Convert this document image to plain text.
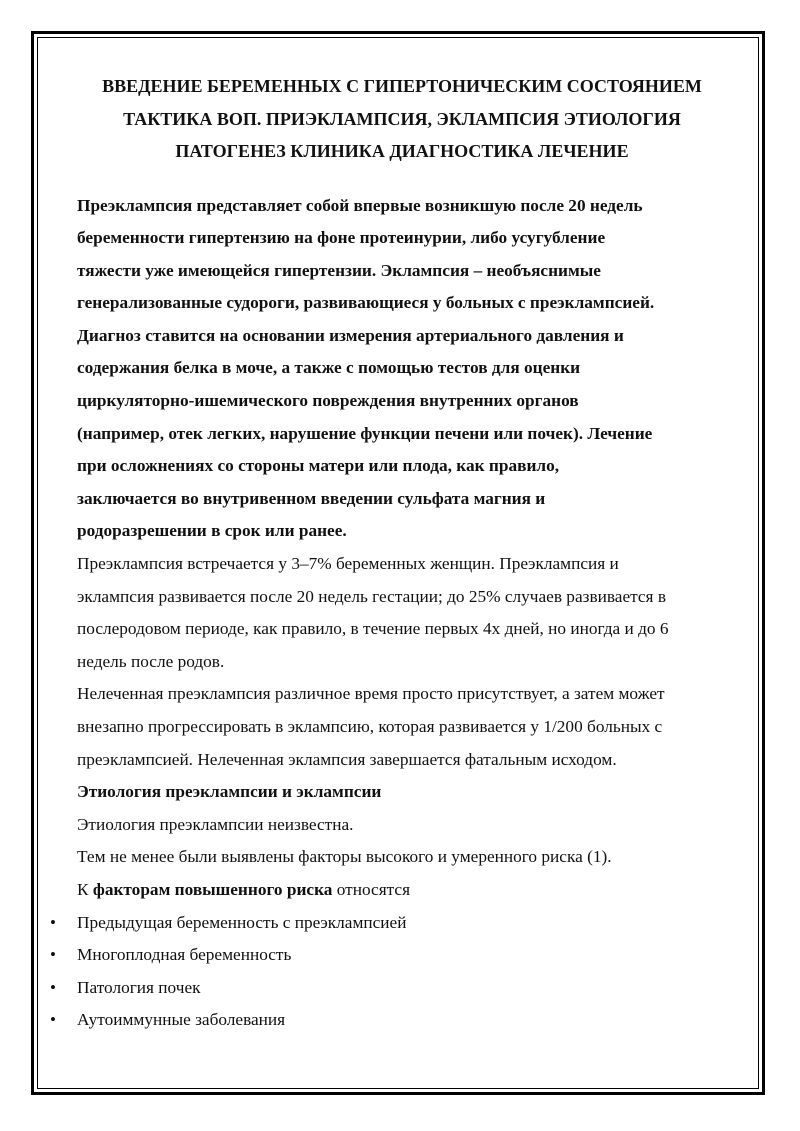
ВВЕДЕНИЕ БЕРЕМЕННЫХ С ГИПЕРТОНИЧЕСКИМ СОСТОЯНИЕМ
ТАКТИКА ВОП. ПРИЭКЛАМПСИЯ, ЭКЛАМПСИЯ ЭТИОЛОГИЯ
ПАТОГЕНЕЗ КЛИНИКА ДИАГНОСТИКА ЛЕЧЕНИЕ
Преэклампсия представляет собой впервые возникшую после 20 недель
беременности гипертензию на фоне протеинурии, либо усугубление
тяжести уже имеющейся гипертензии. Эклампсия – необъяснимые
генерализованные судороги, развивающиеся у больных с преэклампсией.
Диагноз ставится на основании измерения артериального давления и
содержания белка в моче, а также с помощью тестов для оценки
циркуляторно-ишемического повреждения внутренних органов
(например, отек легких, нарушение функции печени или почек). Лечение
при осложнениях со стороны матери или плода, как правило,
заключается во внутривенном введении сульфата магния и
родоразрешении в срок или ранее.
Преэклампсия встречается у 3–7% беременных женщин. Преэклампсия и
эклампсия развивается после 20 недель гестации; до 25% случаев развивается в
послеродовом периоде, как правило, в течение первых 4х дней, но иногда и до 6
недель после родов.
Нелеченная преэклампсия различное время просто присутствует, а затем может
внезапно прогрессировать в эклампсию, которая развивается у 1/200 больных с
преэклампсией. Нелеченная эклампсия завершается фатальным исходом.
Этиология преэклампсии и эклампсии
Этиология преэклампсии неизвестна.
Тем не менее были выявлены факторы высокого и умеренного риска (1).
К факторам повышенного риска относятся
• Предыдущая беременность с преэклампсией
• Многоплодная беременность
• Патология почек
• Аутоиммунные заболевания
